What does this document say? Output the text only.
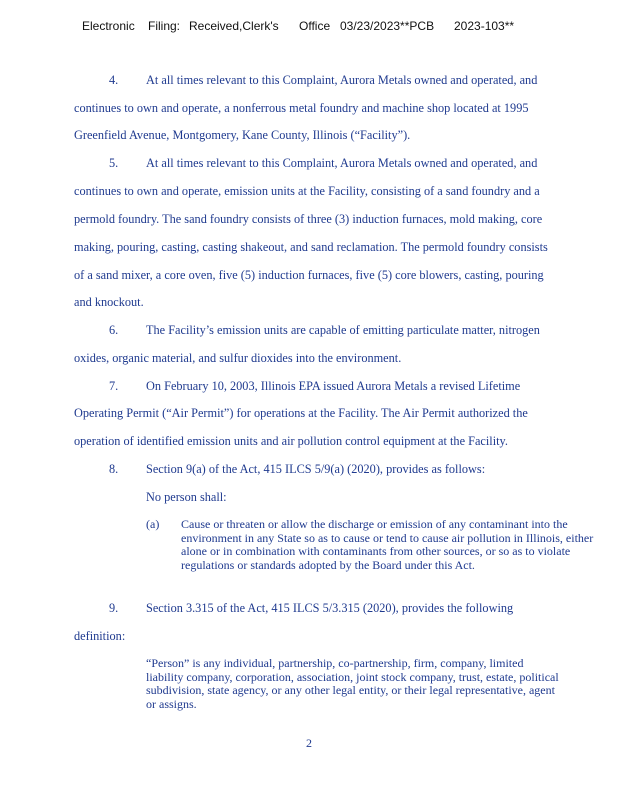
Electronic Filing: Received,Clerk's Office 03/23/2023**PCB 2023-103**
4. At all times relevant to this Complaint, Aurora Metals owned and operated, and
continues to own and operate, a nonferrous metal foundry and machine shop located at 1995
Greenfield Avenue, Montgomery, Kane County, Illinois (“Facility”).
5. At all times relevant to this Complaint, Aurora Metals owned and operated, and
continues to own and operate, emission units at the Facility, consisting of a sand foundry and a
permold foundry. The sand foundry consists of three (3) induction furnaces, mold making, core
making, pouring, casting, casting shakeout, and sand reclamation. The permold foundry consists
of a sand mixer, a core oven, five (5) induction furnaces, five (5) core blowers, casting, pouring
and knockout.
6. The Facility’s emission units are capable of emitting particulate matter, nitrogen
oxides, organic material, and sulfur dioxides into the environment.
7. On February 10, 2003, Illinois EPA issued Aurora Metals a revised Lifetime
Operating Permit (“Air Permit”) for operations at the Facility. The Air Permit authorized the
operation of identified emission units and air pollution control equipment at the Facility.
8. Section 9(a) of the Act, 415 ILCS 5/9(a) (2020), provides as follows:
No person shall:
(a) Cause or threaten or allow the discharge or emission of any contaminant into the environment in any State so as to cause or tend to cause air pollution in Illinois, either alone or in combination with contaminants from other sources, or so as to violate regulations or standards adopted by the Board under this Act.
9. Section 3.315 of the Act, 415 ILCS 5/3.315 (2020), provides the following
definition:
“Person” is any individual, partnership, co-partnership, firm, company, limited liability company, corporation, association, joint stock company, trust, estate, political subdivision, state agency, or any other legal entity, or their legal representative, agent or assigns.
2
